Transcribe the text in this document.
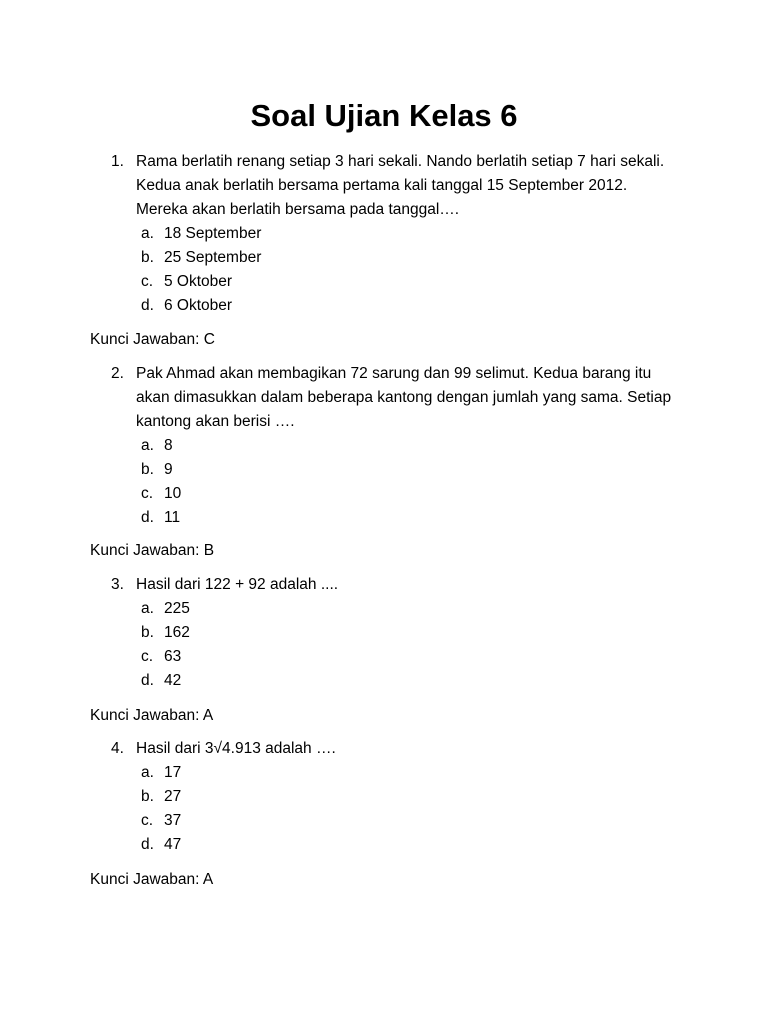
Soal Ujian Kelas 6
1. Rama berlatih renang setiap 3 hari sekali. Nando berlatih setiap 7 hari sekali. Kedua anak berlatih bersama pertama kali tanggal 15 September 2012. Mereka akan berlatih bersama pada tanggal….
a. 18 September
b. 25 September
c. 5 Oktober
d. 6 Oktober
Kunci Jawaban: C
2. Pak Ahmad akan membagikan 72 sarung dan 99 selimut. Kedua barang itu akan dimasukkan dalam beberapa kantong dengan jumlah yang sama. Setiap kantong akan berisi ….
a. 8
b. 9
c. 10
d. 11
Kunci Jawaban: B
3. Hasil dari 122 + 92 adalah ....
a. 225
b. 162
c. 63
d. 42
Kunci Jawaban: A
4. Hasil dari 3√4.913 adalah ….
a. 17
b. 27
c. 37
d. 47
Kunci Jawaban: A
